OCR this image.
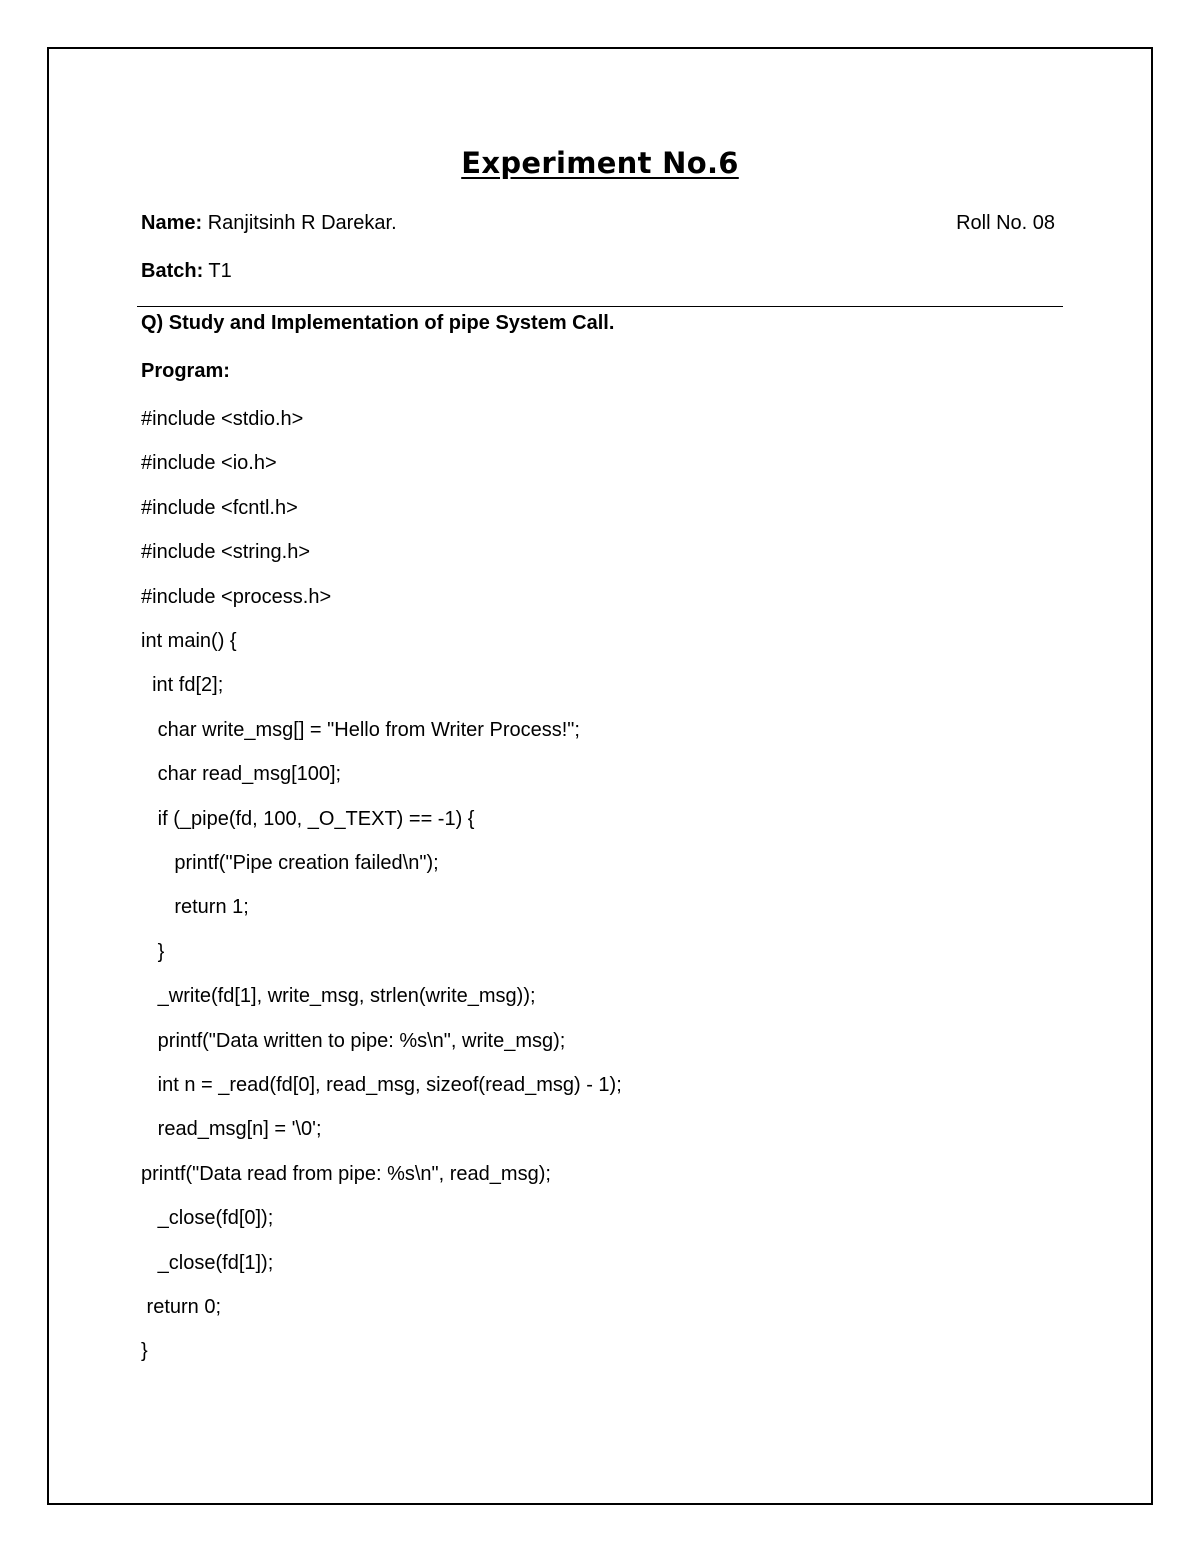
Experiment No.6
Name: Ranjitsinh R Darekar.	Roll No. 08
Batch: T1
Q) Study and Implementation of pipe System Call.
Program:
#include <stdio.h>
#include <io.h>
#include <fcntl.h>
#include <string.h>
#include <process.h>
int main() {
int fd[2];
char write_msg[] = "Hello from Writer Process!";
char read_msg[100];
if (_pipe(fd, 100, _O_TEXT) == -1) {
printf("Pipe creation failed\n");
return 1;
}
_write(fd[1], write_msg, strlen(write_msg));
printf("Data written to pipe: %s\n", write_msg);
int n = _read(fd[0], read_msg, sizeof(read_msg) - 1);
read_msg[n] = '\0';
printf("Data read from pipe: %s\n", read_msg);
_close(fd[0]);
_close(fd[1]);
return 0;
}
